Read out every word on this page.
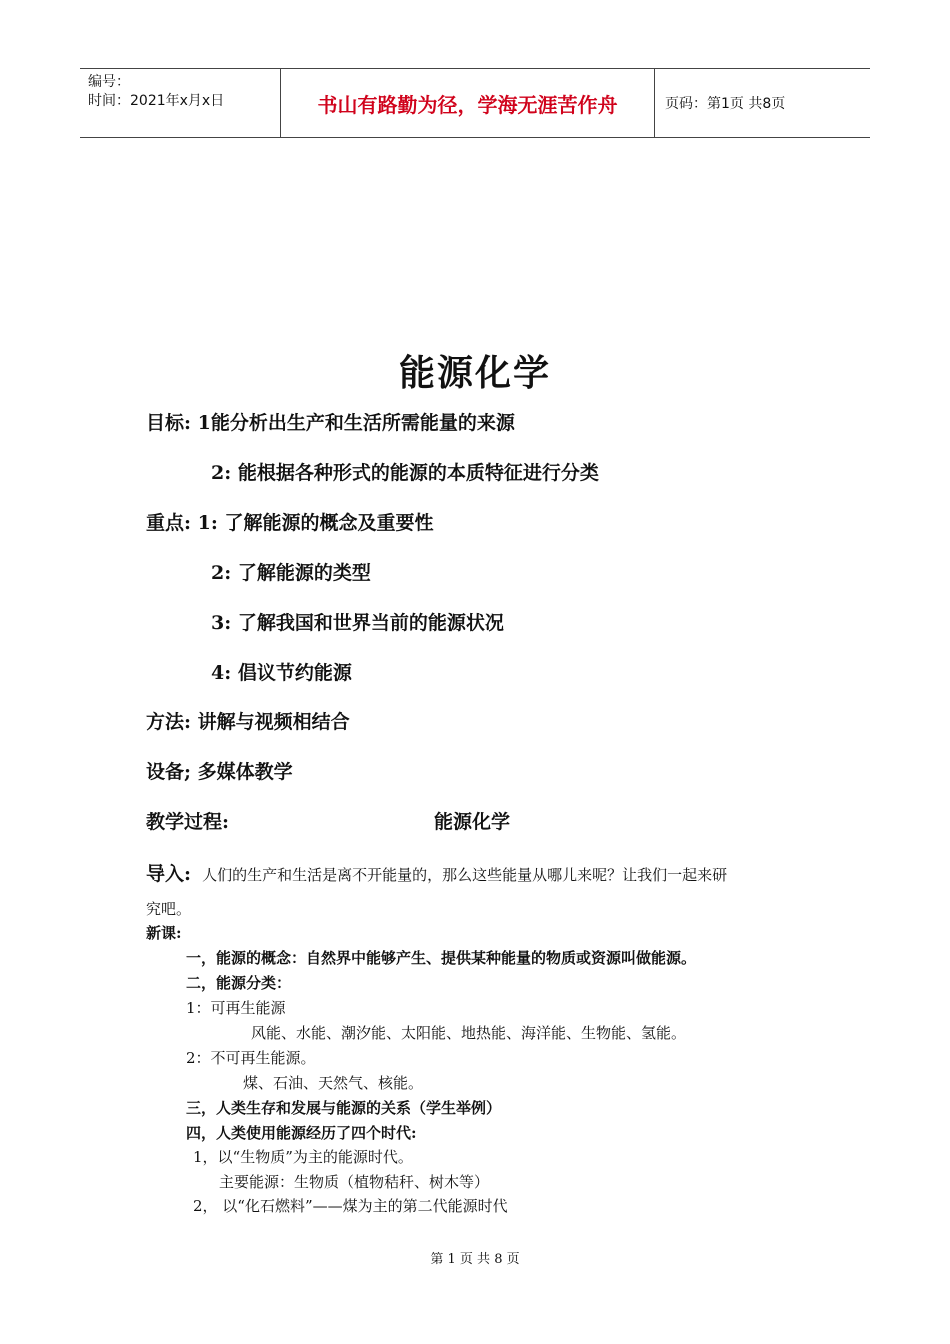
编号：
时间：2021年x月x日	书山有路勤为径，学海无涯苦作舟	页码：第1页 共8页
能源化学
目标: 1能分析出生产和生活所需能量的来源
2: 能根据各种形式的能源的本质特征进行分类
重点: 1: 了解能源的概念及重要性
2: 了解能源的类型
3: 了解我国和世界当前的能源状况
4: 倡议节约能源
方法: 讲解与视频相结合
设备; 多媒体教学
教学过程:	能源化学
导入: 人们的生产和生活是离不开能量的，那么这些能量从哪儿来呢？让我们一起来研
究吧。
新课:
一，能源的概念：自然界中能够产生、提供某种能量的物质或资源叫做能源。
二，能源分类：
1：可再生能源
风能、水能、潮汐能、太阳能、地热能、海洋能、生物能、氢能。
2：不可再生能源。
煤、石油、天然气、核能。
三，人类生存和发展与能源的关系（学生举例）
四，人类使用能源经历了四个时代:
1，以“生物质”为主的能源时代。
主要能源：生物质（植物秸秆、树木等）
2， 以“化石燃料”——煤为主的第二代能源时代
第 1 页 共 8 页
